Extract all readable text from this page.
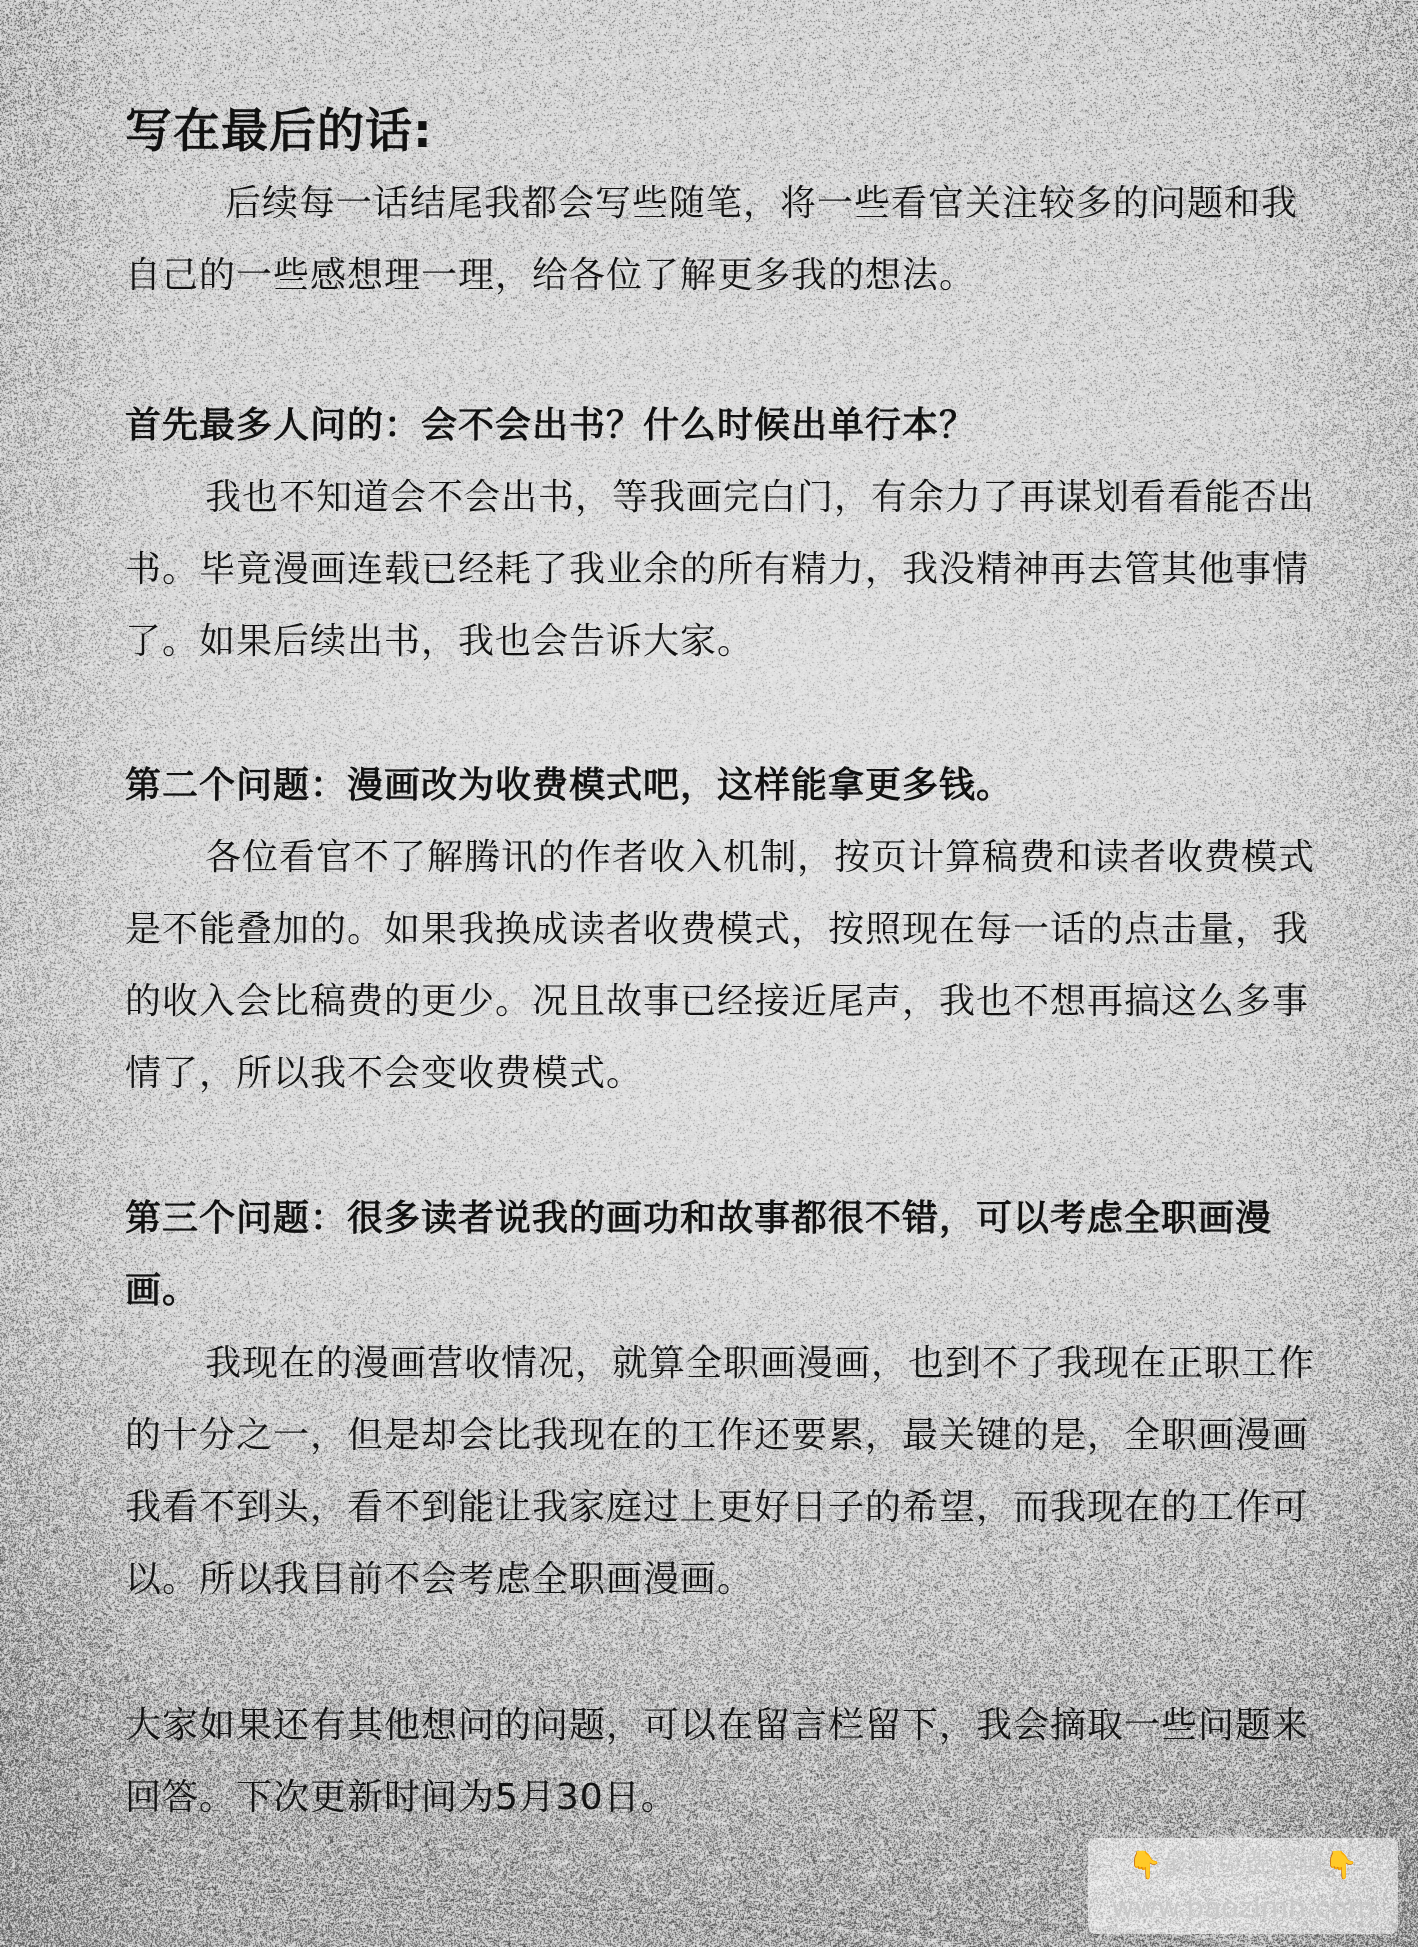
写在最后的话:

后续每一话结尾我都会写些随笔，将一些看官关注较多的问题和我自己的一些感想理一理，给各位了解更多我的想法。

首先最多人问的：会不会出书？什么时候出单行本？

我也不知道会不会出书，等我画完白门，有余力了再谋划看看能否出书。毕竟漫画连载已经耗了我业余的所有精力，我没精神再去管其他事情了。如果后续出书，我也会告诉大家。

第二个问题：漫画改为收费模式吧，这样能拿更多钱。

各位看官不了解腾讯的作者收入机制，按页计算稿费和读者收费模式是不能叠加的。如果我换成读者收费模式，按照现在每一话的点击量，我的收入会比稿费的更少。况且故事已经接近尾声，我也不想再搞这么多事情了，所以我不会变收费模式。

第三个问题：很多读者说我的画功和故事都很不错，可以考虑全职画漫画。

我现在的漫画营收情况，就算全职画漫画，也到不了我现在正职工作的十分之一，但是却会比我现在的工作还要累，最关键的是，全职画漫画我看不到头，看不到能让我家庭过上更好日子的希望，而我现在的工作可以。所以我目前不会考虑全职画漫画。

大家如果还有其他想问的问题，可以在留言栏留下，我会摘取一些问题来回答。下次更新时间为5月30日。

👇最新免费漫画👇
www.baozimh.com
